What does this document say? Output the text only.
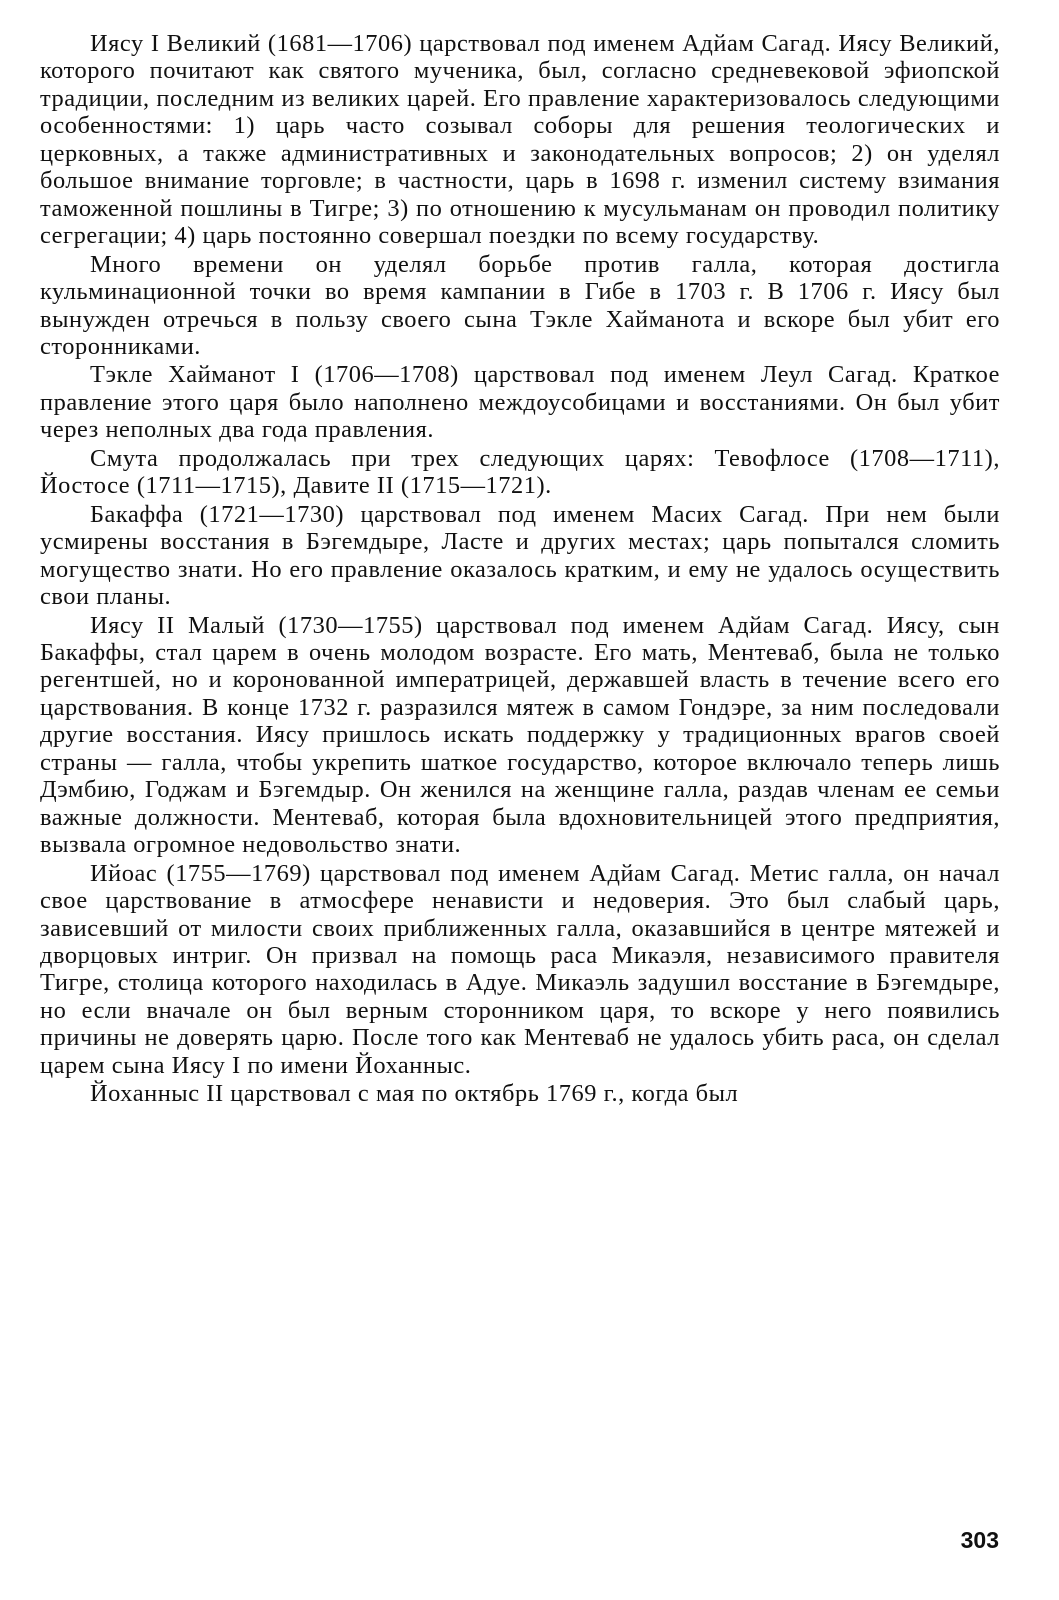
Иясу I Великий (1681—1706) царствовал под именем Адйам Сагад. Иясу Великий, которого почитают как святого мученика, был, согласно средневековой эфиопской традиции, последним из великих царей. Его правление характеризовалось следующими особенностями: 1) царь часто созывал соборы для решения теологических и церковных, а также административных и законодательных вопросов; 2) он уделял большое внимание торговле; в частности, царь в 1698 г. изменил систему взимания таможенной пошлины в Тигре; 3) по отношению к мусульманам он проводил политику сегрегации; 4) царь постоянно совершал поездки по всему государству.

Много времени он уделял борьбе против галла, которая достигла кульминационной точки во время кампании в Гибе в 1703 г. В 1706 г. Иясу был вынужден отречься в пользу своего сына Тэкле Хайманота и вскоре был убит его сторонниками.

Тэкле Хайманот I (1706—1708) царствовал под именем Леул Сагад. Краткое правление этого царя было наполнено междоусобицами и восстаниями. Он был убит через неполных два года правления.

Смута продолжалась при трех следующих царях: Тевофлосе (1708—1711), Йостосе (1711—1715), Давите II (1715—1721).

Бакаффа (1721—1730) царствовал под именем Масих Сагад. При нем были усмирены восстания в Бэгемдыре, Ласте и других местах; царь попытался сломить могущество знати. Но его правление оказалось кратким, и ему не удалось осуществить свои планы.

Иясу II Малый (1730—1755) царствовал под именем Адйам Сагад. Иясу, сын Бакаффы, стал царем в очень молодом возрасте. Его мать, Ментеваб, была не только регентшей, но и коронованной императрицей, державшей власть в течение всего его царствования. В конце 1732 г. разразился мятеж в самом Гондэре, за ним последовали другие восстания. Иясу пришлось искать поддержку у традиционных врагов своей страны — галла, чтобы укрепить шаткое государство, которое включало теперь лишь Дэмбию, Годжам и Бэгемдыр. Он женился на женщине галла, раздав членам ее семьи важные должности. Ментеваб, которая была вдохновительницей этого предприятия, вызвала огромное недовольство знати.

Ийоас (1755—1769) царствовал под именем Адйам Сагад. Метис галла, он начал свое царствование в атмосфере ненависти и недоверия. Это был слабый царь, зависевший от милости своих приближенных галла, оказавшийся в центре мятежей и дворцовых интриг. Он призвал на помощь раса Микаэля, независимого правителя Тигре, столица которого находилась в Адуе. Микаэль задушил восстание в Бэгемдыре, но если вначале он был верным сторонником царя, то вскоре у него появились причины не доверять царю. После того как Ментеваб не удалось убить раса, он сделал царем сына Иясу I по имени Йоханныс.

Йоханныс II царствовал с мая по октябрь 1769 г., когда был

303
